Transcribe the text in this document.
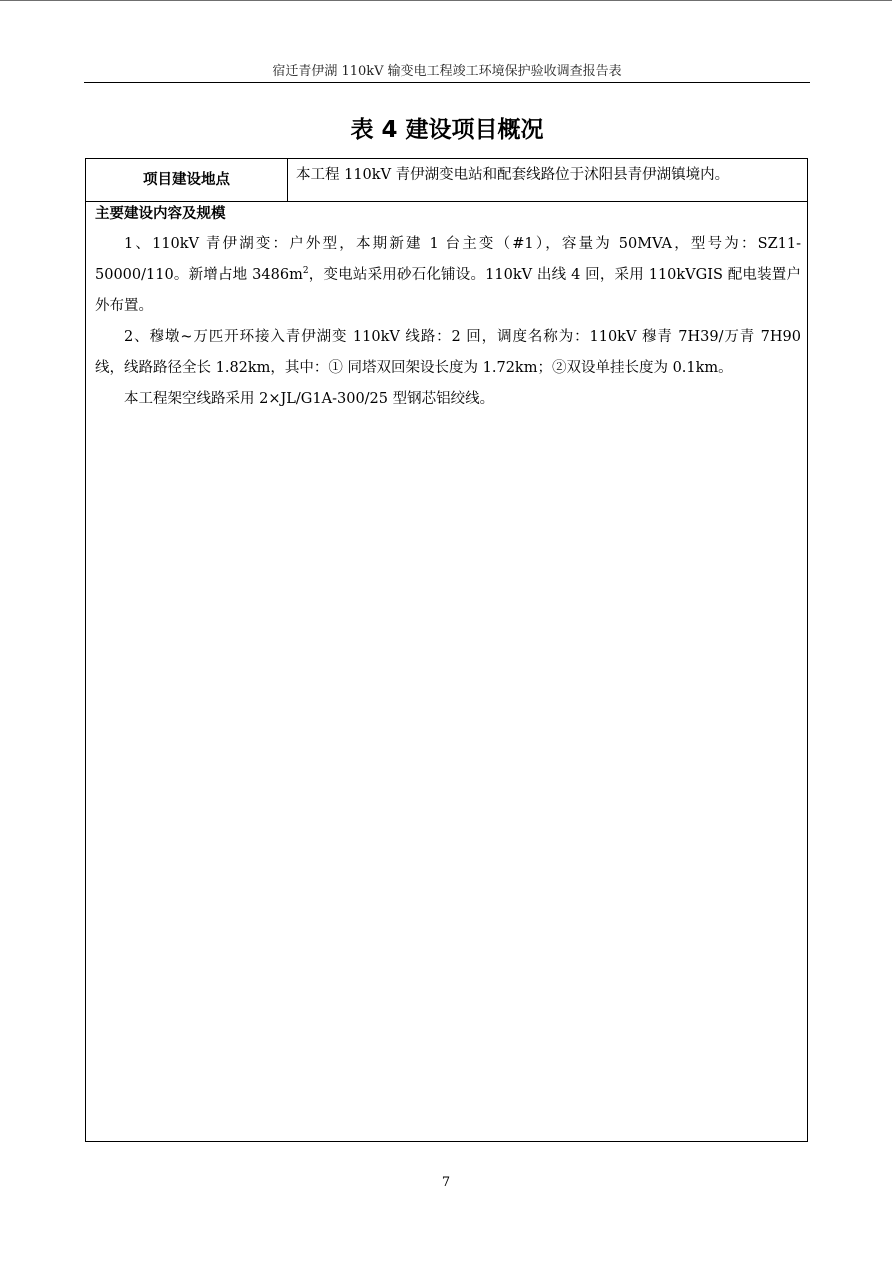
宿迁青伊湖 110kV 输变电工程竣工环境保护验收调查报告表
表 4 建设项目概况
项目建设地点	本工程 110kV 青伊湖变电站和配套线路位于沭阳县青伊湖镇境内。
主要建设内容及规模

1、110kV 青伊湖变：户外型，本期新建 1 台主变（#1），容量为 50MVA，型号为：SZ11-50000/110。新增占地 $3486m^2$，变电站采用砂石化铺设。110kV 出线 4 回，采用 110kVGIS 配电装置户外布置。

2、穆墩~万匹开环接入青伊湖变 110kV 线路：2 回，调度名称为：110kV 穆青 7H39/万青 7H90 线，线路路径全长 1.82km，其中：① 同塔双回架设长度为 1.72km；②双设单挂长度为 0.1km。

本工程架空线路采用 2×JL/G1A-300/25 型钢芯铝绞线。

7
